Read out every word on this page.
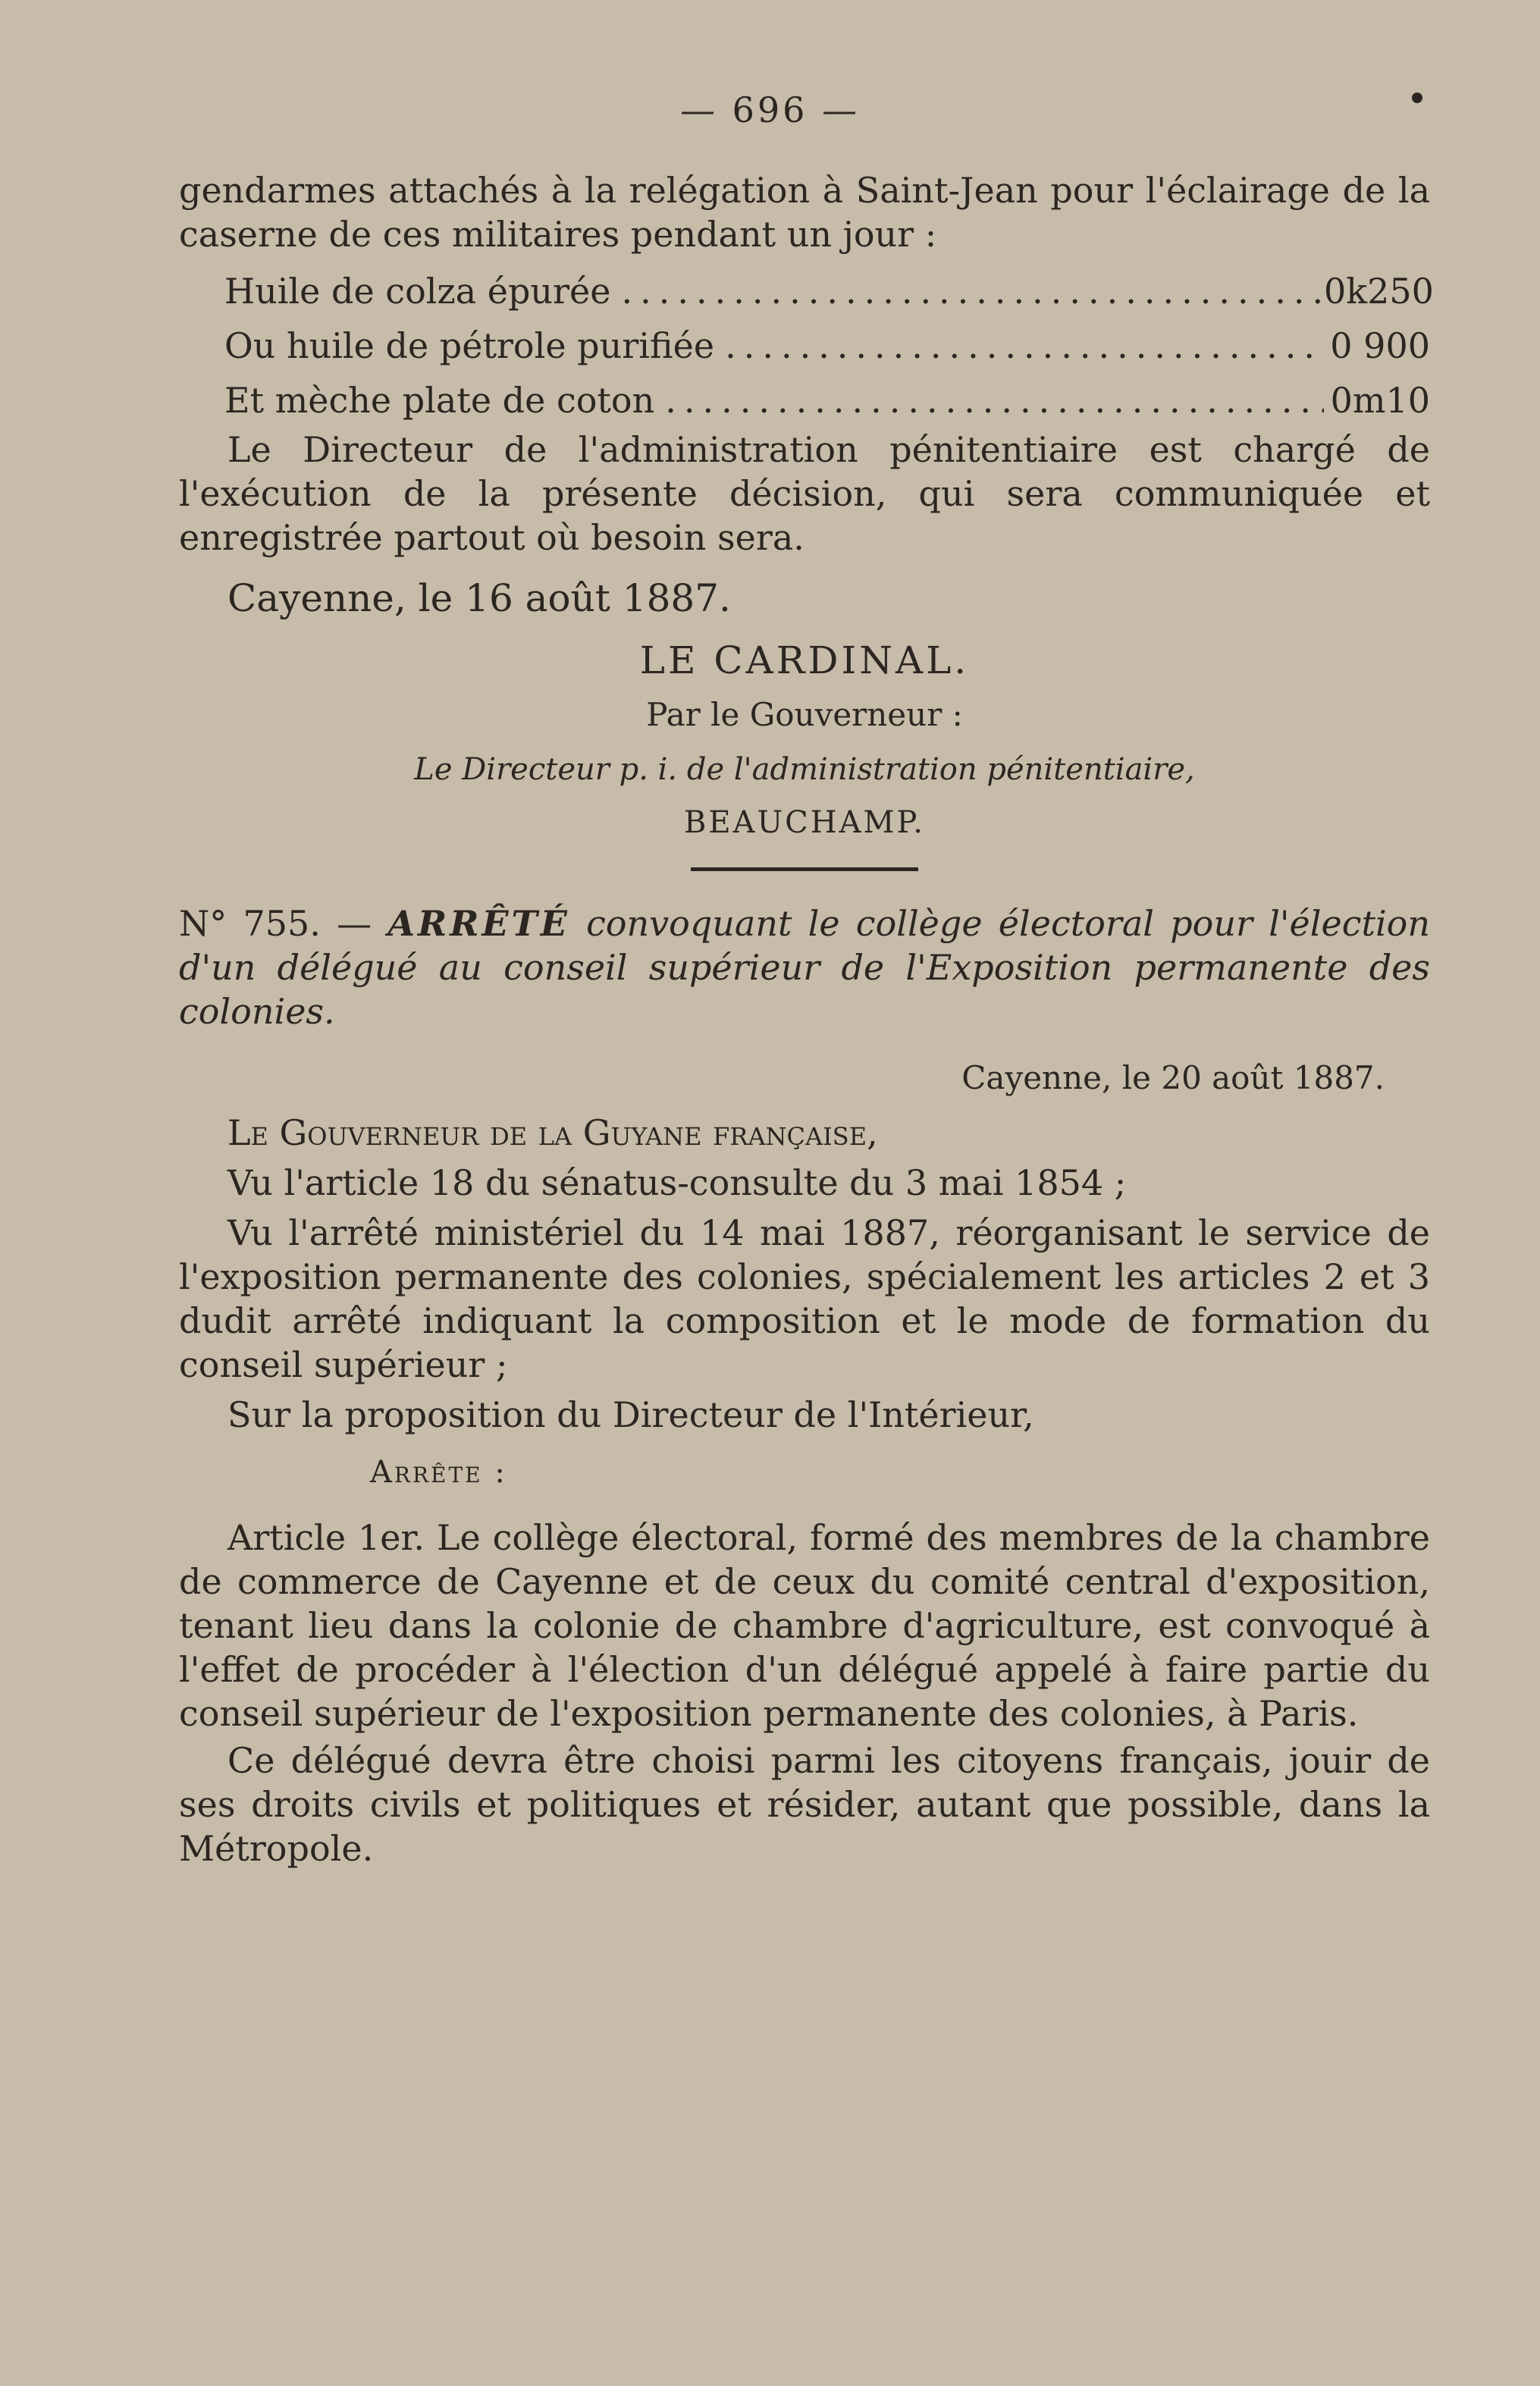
— 696 —

gendarmes attachés à la relégation à Saint-Jean pour l'éclairage de la caserne de ces militaires pendant un jour :

Huile de colza épurée .....	0k250
Ou huile de pétrole purifiée .....	0 900
Et mèche plate de coton .....	0m10

Le Directeur de l'administration pénitentiaire est chargé de l'exécution de la présente décision, qui sera communiquée et enregistrée partout où besoin sera.

Cayenne, le 16 août 1887.

LE CARDINAL.

Par le Gouverneur :

Le Directeur p. i. de l'administration pénitentiaire,

BEAUCHAMP.

N° 755. — ARRÊTÉ convoquant le collège électoral pour l'élection d'un délégué au conseil supérieur de l'Exposition permanente des colonies.

Cayenne, le 20 août 1887.

Le Gouverneur de la Guyane française,

Vu l'article 18 du sénatus-consulte du 3 mai 1854 ;

Vu l'arrêté ministériel du 14 mai 1887, réorganisant le service de l'exposition permanente des colonies, spécialement les articles 2 et 3 dudit arrêté indiquant la composition et le mode de formation du conseil supérieur ;

Sur la proposition du Directeur de l'Intérieur,

Arrête :

Article 1er. Le collège électoral, formé des membres de la chambre de commerce de Cayenne et de ceux du comité central d'exposition, tenant lieu dans la colonie de chambre d'agriculture, est convoqué à l'effet de procéder à l'élection d'un délégué appelé à faire partie du conseil supérieur de l'exposition permanente des colonies, à Paris.

Ce délégué devra être choisi parmi les citoyens français, jouir de ses droits civils et politiques et résider, autant que possible, dans la Métropole.
